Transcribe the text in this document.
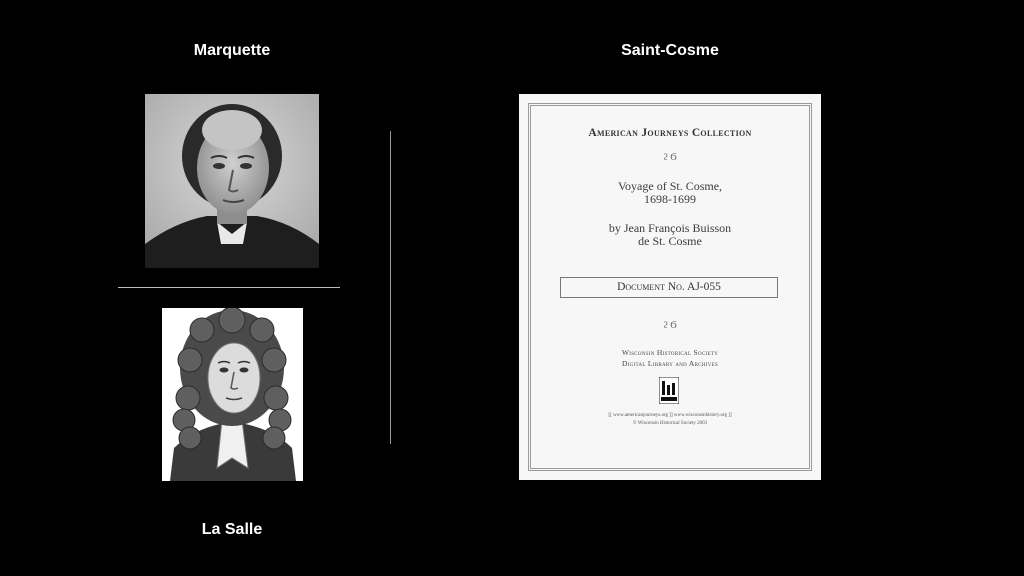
Marquette
La Salle
Saint-Cosme
American Journeys Collection
ϩ Ϭ
Voyage of St. Cosme,
1698-1699
by Jean François Buisson
de St. Cosme
Document No. AJ-055
ϩ Ϭ
Wisconsin Historical Society
Digital Library and Archives
[[ www.americanjourneys.org ]] www.wisconsinhistory.org ]]
© Wisconsin Historical Society 2003
